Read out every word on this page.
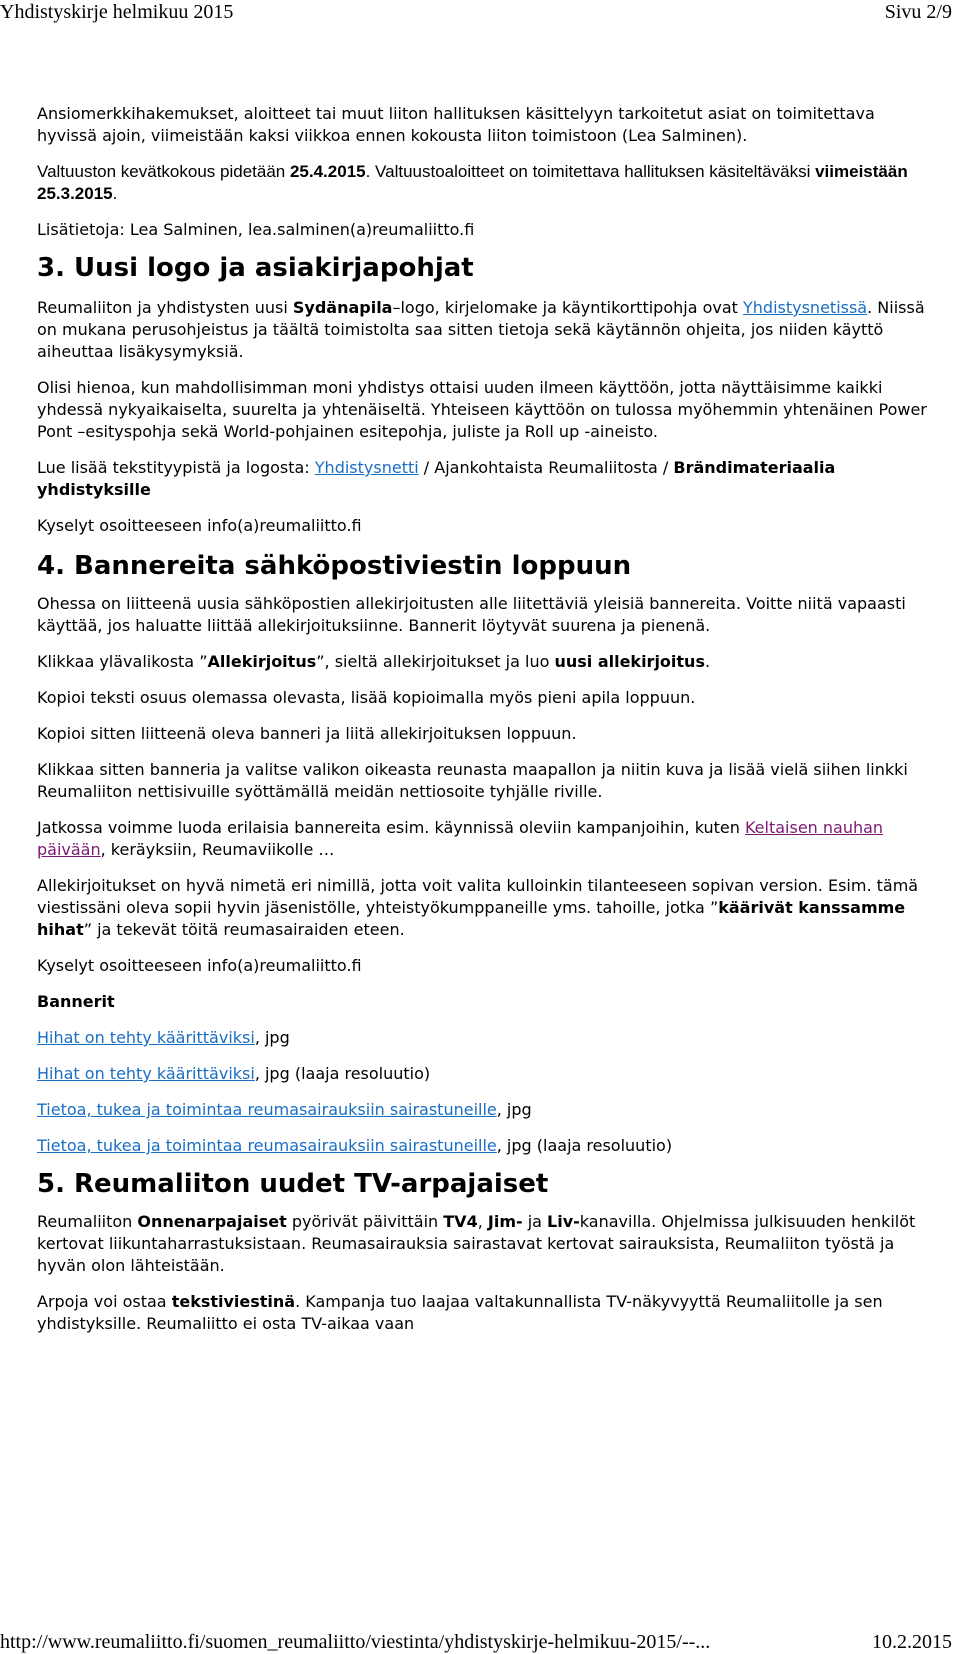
Yhdistyskirje helmikuu 2015	Sivu 2/9

Ansiomerkkihakemukset, aloitteet tai muut liiton hallituksen käsittelyyn tarkoitetut asiat on toimitettava hyvissä ajoin, viimeistään kaksi viikkoa ennen kokousta liiton toimistoon (Lea Salminen).

Valtuuston kevätkokous pidetään 25.4.2015. Valtuustoaloitteet on toimitettava hallituksen käsiteltäväksi viimeistään 25.3.2015.

Lisätietoja: Lea Salminen, lea.salminen(a)reumaliitto.fi

3. Uusi logo ja asiakirjapohjat

Reumaliiton ja yhdistysten uusi Sydänapila–logo, kirjelomake ja käyntikorttipohja ovat Yhdistysnetissä. Niissä on mukana perusohjeistus ja täältä toimistolta saa sitten tietoja sekä käytännön ohjeita, jos niiden käyttö aiheuttaa lisäkysymyksiä.

Olisi hienoa, kun mahdollisimman moni yhdistys ottaisi uuden ilmeen käyttöön, jotta näyttäisimme kaikki yhdessä nykyaikaiselta, suurelta ja yhtenäiseltä. Yhteiseen käyttöön on tulossa myöhemmin yhtenäinen Power Pont –esityspohja sekä World-pohjainen esitepohja, juliste ja Roll up -aineisto.

Lue lisää tekstityypistä ja logosta: Yhdistysnetti / Ajankohtaista Reumaliitosta / Brändimateriaalia yhdistyksille

Kyselyt osoitteeseen info(a)reumaliitto.fi

4. Bannereita sähköpostiviestin loppuun

Ohessa on liitteenä uusia sähköpostien allekirjoitusten alle liitettäviä yleisiä bannereita. Voitte niitä vapaasti käyttää, jos haluatte liittää allekirjoituksiinne. Bannerit löytyvät suurena ja pienenä.

Klikkaa ylävalikosta ”Allekirjoitus”, sieltä allekirjoitukset ja luo uusi allekirjoitus.

Kopioi teksti osuus olemassa olevasta, lisää kopioimalla myös pieni apila loppuun.

Kopioi sitten liitteenä oleva banneri ja liitä allekirjoituksen loppuun.

Klikkaa sitten banneria ja valitse valikon oikeasta reunasta maapallon ja niitin kuva ja lisää vielä siihen linkki Reumaliiton nettisivuille syöttämällä meidän nettiosoite tyhjälle riville.

Jatkossa voimme luoda erilaisia bannereita esim. käynnissä oleviin kampanjoihin, kuten Keltaisen nauhan päivään, keräyksiin, Reumaviikolle …

Allekirjoitukset on hyvä nimetä eri nimillä, jotta voit valita kulloinkin tilanteeseen sopivan version. Esim. tämä viestissäni oleva sopii hyvin jäsenistölle, yhteistyökumppaneille yms. tahoille, jotka ”käärivät kanssamme hihat” ja tekevät töitä reumasairaiden eteen.

Kyselyt osoitteeseen info(a)reumaliitto.fi

Bannerit

Hihat on tehty käärittäviksi, jpg

Hihat on tehty käärittäviksi, jpg (laaja resoluutio)

Tietoa, tukea ja toimintaa reumasairauksiin sairastuneille, jpg

Tietoa, tukea ja toimintaa reumasairauksiin sairastuneille, jpg (laaja resoluutio)

5. Reumaliiton uudet TV-arpajaiset

Reumaliiton Onnenarpajaiset pyörivät päivittäin TV4, Jim- ja Liv-kanavilla. Ohjelmissa julkisuuden henkilöt kertovat liikuntaharrastuksistaan. Reumasairauksia sairastavat kertovat sairauksista, Reumaliiton työstä ja hyvän olon lähteistään.

Arpoja voi ostaa tekstiviestinä. Kampanja tuo laajaa valtakunnallista TV-näkyvyyttä Reumaliitolle ja sen yhdistyksille. Reumaliitto ei osta TV-aikaa vaan

http://www.reumaliitto.fi/suomen_reumaliitto/viestinta/yhdistyskirje-helmikuu-2015/--...	10.2.2015
